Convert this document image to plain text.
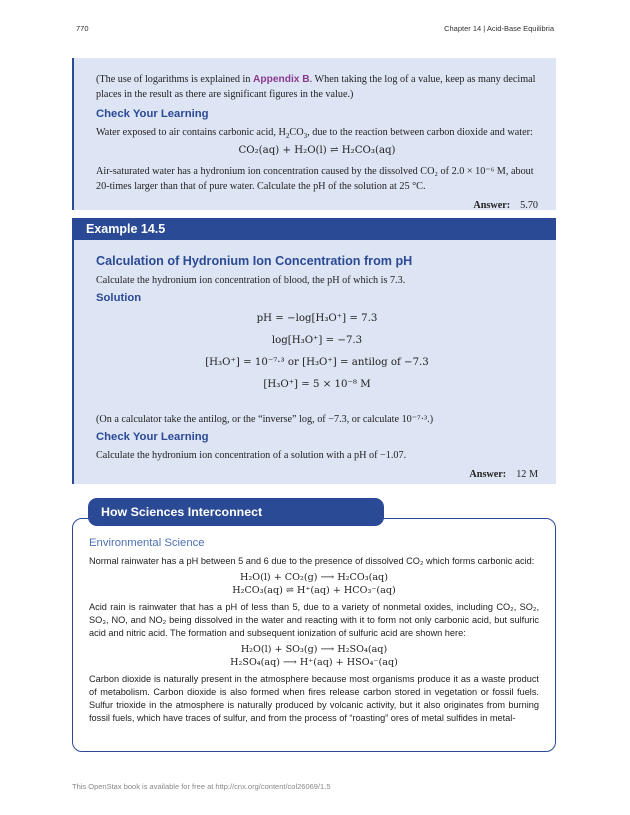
770	Chapter 14 | Acid-Base Equilibria

(The use of logarithms is explained in Appendix B. When taking the log of a value, keep as many decimal places in the result as there are significant figures in the value.)

Check Your Learning

Water exposed to air contains carbonic acid, $H_2CO_3$, due to the reaction between carbon dioxide and water:

CO₂(aq) + H₂O(l) ⇌ H₂CO₃(aq)

Air-saturated water has a hydronium ion concentration caused by the dissolved CO₂ of 2.0 × 10⁻⁶ M, about 20-times larger than that of pure water. Calculate the pH of the solution at 25 °C.

Answer: 5.70

Example 14.5

Calculation of Hydronium Ion Concentration from pH

Calculate the hydronium ion concentration of blood, the pH of which is 7.3.

Solution

pH = −log[H₃O⁺] = 7.3

log[H₃O⁺] = −7.3

[H₃O⁺] = 10⁻⁷·³ or [H₃O⁺] = antilog of −7.3

[H₃O⁺] = 5 × 10⁻⁸ M

(On a calculator take the antilog, or the “inverse” log, of −7.3, or calculate 10⁻⁷·³.)

Check Your Learning

Calculate the hydronium ion concentration of a solution with a pH of −1.07.

Answer: 12 M

Environmental Science

Normal rainwater has a pH between 5 and 6 due to the presence of dissolved CO₂ which forms carbonic acid:

H₂O(l) + CO₂(g) ⟶ H₂CO₃(aq)

H₂CO₃(aq) ⇌ H⁺(aq) + HCO₃⁻(aq)

Acid rain is rainwater that has a pH of less than 5, due to a variety of nonmetal oxides, including CO₂, SO₂, SO₃, NO, and NO₂ being dissolved in the water and reacting with it to form not only carbonic acid, but sulfuric acid and nitric acid. The formation and subsequent ionization of sulfuric acid are shown here:

H₂O(l) + SO₃(g) ⟶ H₂SO₄(aq)

H₂SO₄(aq) ⟶ H⁺(aq) + HSO₄⁻(aq)

Carbon dioxide is naturally present in the atmosphere because most organisms produce it as a waste product of metabolism. Carbon dioxide is also formed when fires release carbon stored in vegetation or fossil fuels. Sulfur trioxide in the atmosphere is naturally produced by volcanic activity, but it also originates from burning fossil fuels, which have traces of sulfur, and from the process of “roasting” ores of metal sulfides in metal-

How Sciences Interconnect
This OpenStax book is available for free at http://cnx.org/content/col26069/1.5
